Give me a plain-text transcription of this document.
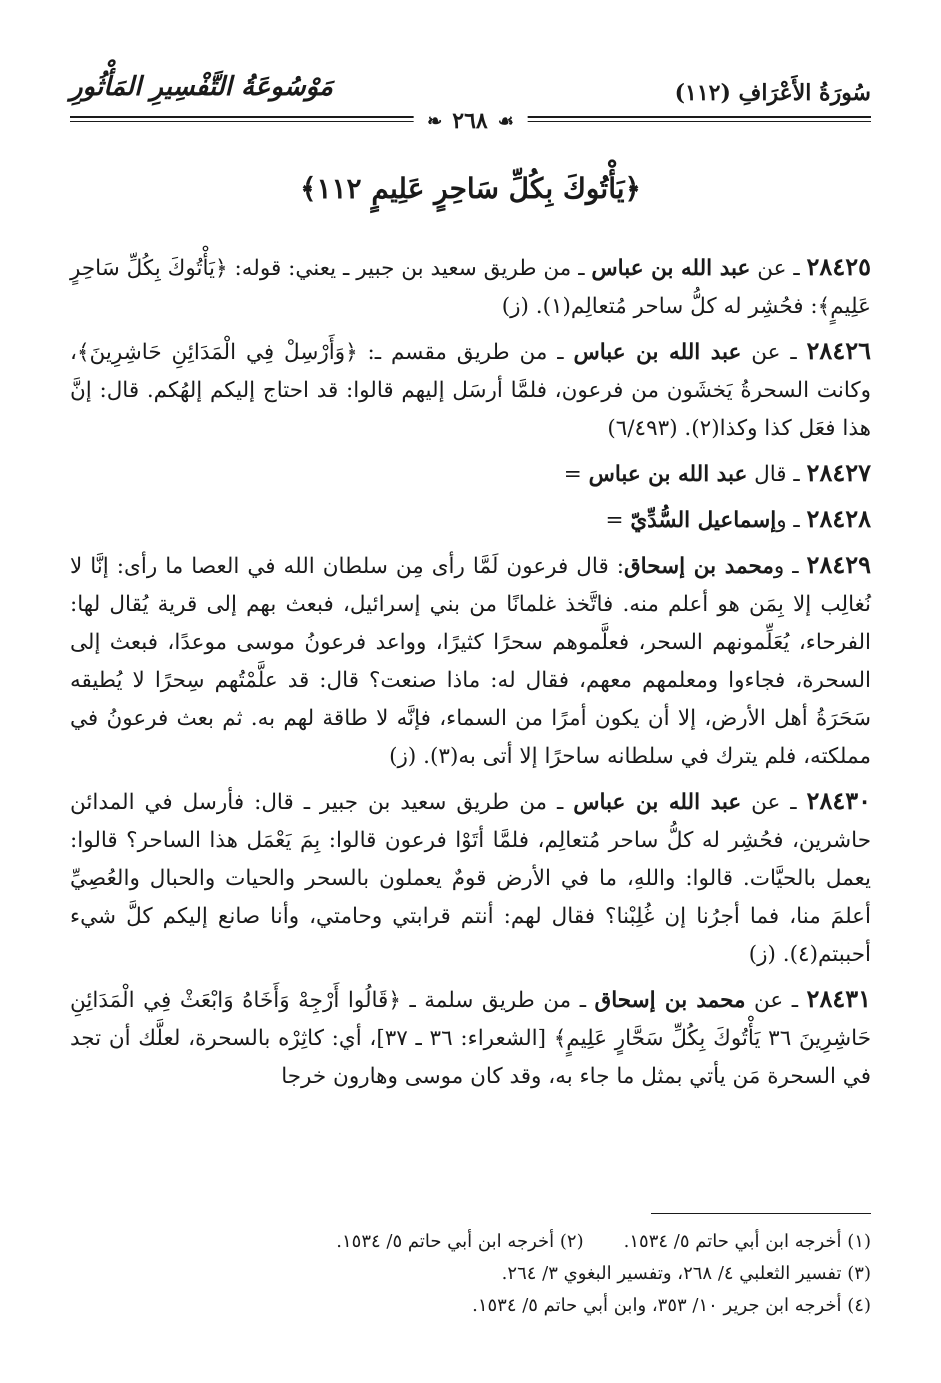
مَوْسُوعَةُ التَّفْسِيرِ المَأْثُورِ	سُورَةُ الأَعْرَافِ (١١٢)
❧ ٢٦٨ ☙
﴿يَأْتُوكَ بِكُلِّ سَاحِرٍ عَلِيمٍ ١١٢﴾

٢٨٤٢٥ ـ عن عبد الله بن عباس ـ من طريق سعيد بن جبير ـ يعني: قوله: ﴿يَأْتُوكَ بِكُلِّ سَاحِرٍ عَلِيمٍ﴾: فحُشِر له كلُّ ساحر مُتعالِم(١). (ز)

٢٨٤٢٦ ـ عن عبد الله بن عباس ـ من طريق مقسم ـ: ﴿وَأَرْسِلْ فِي الْمَدَائِنِ حَاشِرِينَ﴾، وكانت السحرةُ يَخشَون من فرعون، فلمَّا أرسَل إليهم قالوا: قد احتاج إليكم إلهُكم. قال: إنَّ هذا فعَل كذا وكذا(٢). (٦/٤٩٣)

٢٨٤٢٧ ـ قال عبد الله بن عباس =

٢٨٤٢٨ ـ وإسماعيل السُّدِّيّ =

٢٨٤٢٩ ـ ومحمد بن إسحاق: قال فرعون لَمَّا رأى مِن سلطان الله في العصا ما رأى: إنَّا لا نُغالِب إلا بِمَن هو أعلم منه. فاتَّخذ غلمانًا من بني إسرائيل، فبعث بهم إلى قرية يُقال لها: الفرحاء، يُعَلِّمونهم السحر، فعلَّموهم سحرًا كثيرًا، وواعد فرعونُ موسى موعدًا، فبعث إلى السحرة، فجاءوا ومعلمهم معهم، فقال له: ماذا صنعت؟ قال: قد علَّمْتُهم سِحرًا لا يُطيقه سَحَرَةُ أهل الأرض، إلا أن يكون أمرًا من السماء، فإنَّه لا طاقة لهم به. ثم بعث فرعونُ في مملكته، فلم يترك في سلطانه ساحرًا إلا أتى به(٣). (ز)

٢٨٤٣٠ ـ عن عبد الله بن عباس ـ من طريق سعيد بن جبير ـ قال: فأرسل في المدائن حاشرين، فحُشِر له كلُّ ساحر مُتعالِم، فلمَّا أتَوْا فرعون قالوا: بِمَ يَعْمَل هذا الساحر؟ قالوا: يعمل بالحيَّات. قالوا: واللهِ، ما في الأرض قومٌ يعملون بالسحر والحيات والحبال والعُصِيِّ أعلمَ منا، فما أجرُنا إن غُلِبْنا؟ فقال لهم: أنتم قرابتي وحامتي، وأنا صانع إليكم كلَّ شيء أحببتم(٤). (ز)

٢٨٤٣١ ـ عن محمد بن إسحاق ـ من طريق سلمة ـ ﴿قَالُوا أَرْجِهْ وَأَخَاهُ وَابْعَثْ فِي الْمَدَائِنِ حَاشِرِينَ ٣٦ يَأْتُوكَ بِكُلِّ سَحَّارٍ عَلِيمٍ﴾ [الشعراء: ٣٦ ـ ٣٧]، أي: كاثِرْه بالسحرة، لعلَّك أن تجد في السحرة مَن يأتي بمثل ما جاء به، وقد كان موسى وهارون خرجا

(١) أخرجه ابن أبي حاتم ٥/ ١٥٣٤.
(٢) أخرجه ابن أبي حاتم ٥/ ١٥٣٤.
(٣) تفسير الثعلبي ٤/ ٢٦٨، وتفسير البغوي ٣/ ٢٦٤.
(٤) أخرجه ابن جرير ١٠/ ٣٥٣، وابن أبي حاتم ٥/ ١٥٣٤.
